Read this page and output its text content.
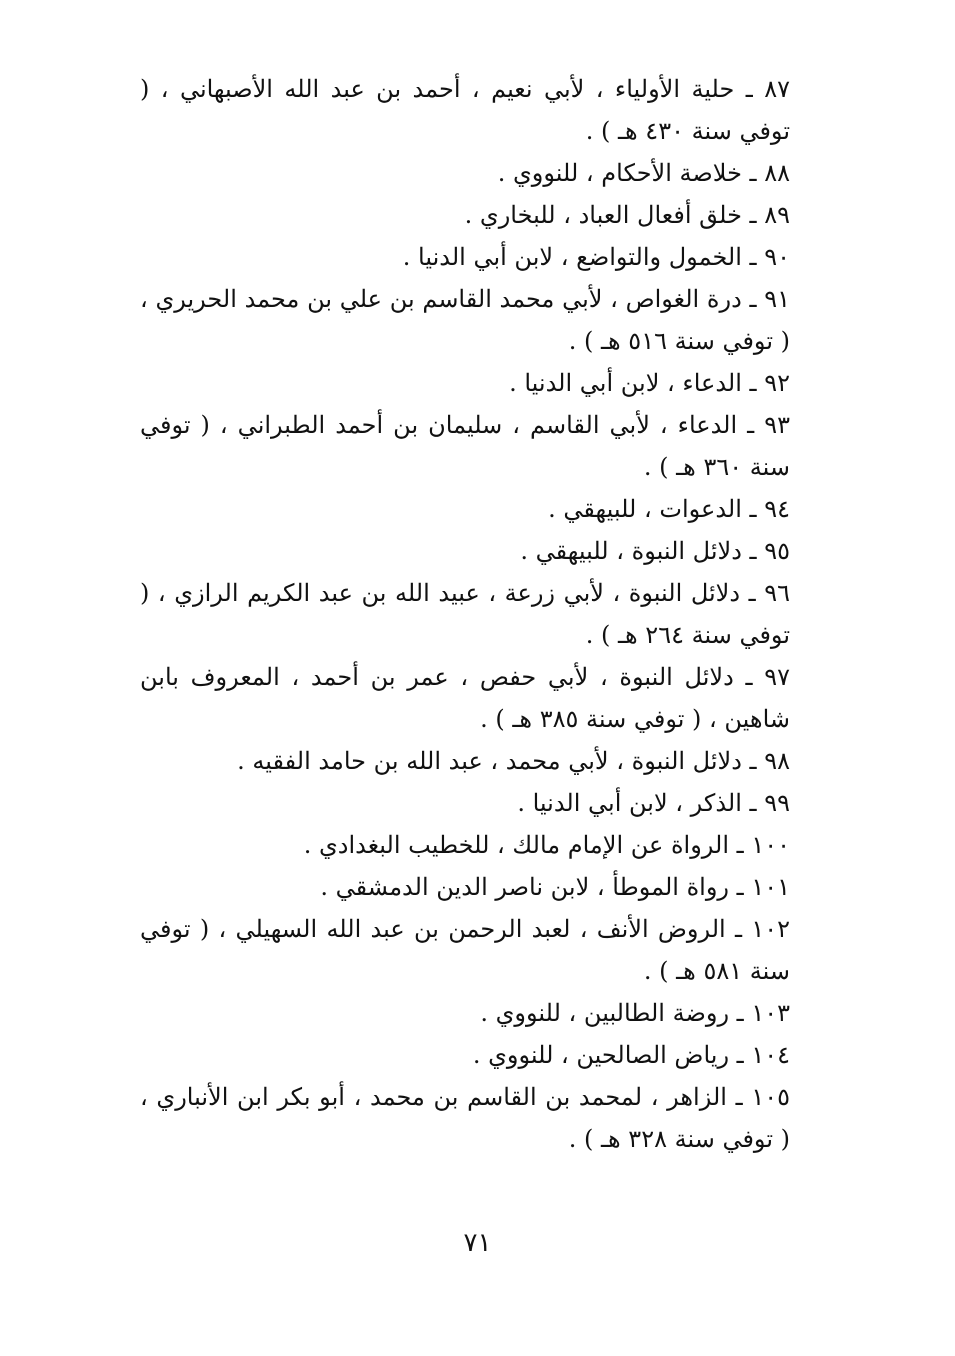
٨٧ ـ حلية الأولياء ، لأبي نعيم ، أحمد بن عبد الله الأصبهاني ، ( توفي سنة ٤٣٠ هـ ) .

٨٨ ـ خلاصة الأحكام ، للنووي .

٨٩ ـ خلق أفعال العباد ، للبخاري .

٩٠ ـ الخمول والتواضع ، لابن أبي الدنيا .

٩١ ـ درة الغواص ، لأبي محمد القاسم بن علي بن محمد الحريري ، ( توفي سنة ٥١٦ هـ ) .

٩٢ ـ الدعاء ، لابن أبي الدنيا .

٩٣ ـ الدعاء ، لأبي القاسم ، سليمان بن أحمد الطبراني ، ( توفي سنة ٣٦٠ هـ ) .

٩٤ ـ الدعوات ، للبيهقي .

٩٥ ـ دلائل النبوة ، للبيهقي .

٩٦ ـ دلائل النبوة ، لأبي زرعة ، عبيد الله بن عبد الكريم الرازي ، ( توفي سنة ٢٦٤ هـ ) .

٩٧ ـ دلائل النبوة ، لأبي حفص ، عمر بن أحمد ، المعروف بابن شاهين ، ( توفي سنة ٣٨٥ هـ ) .

٩٨ ـ دلائل النبوة ، لأبي محمد ، عبد الله بن حامد الفقيه .

٩٩ ـ الذكر ، لابن أبي الدنيا .

١٠٠ ـ الرواة عن الإمام مالك ، للخطيب البغدادي .

١٠١ ـ رواة الموطأ ، لابن ناصر الدين الدمشقي .

١٠٢ ـ الروض الأنف ، لعبد الرحمن بن عبد الله السهيلي ، ( توفي سنة ٥٨١ هـ ) .

١٠٣ ـ روضة الطالبين ، للنووي .

١٠٤ ـ رياض الصالحين ، للنووي .

١٠٥ ـ الزاهر ، لمحمد بن القاسم بن محمد ، أبو بكر ابن الأنباري ، ( توفي سنة ٣٢٨ هـ ) .

٧١
